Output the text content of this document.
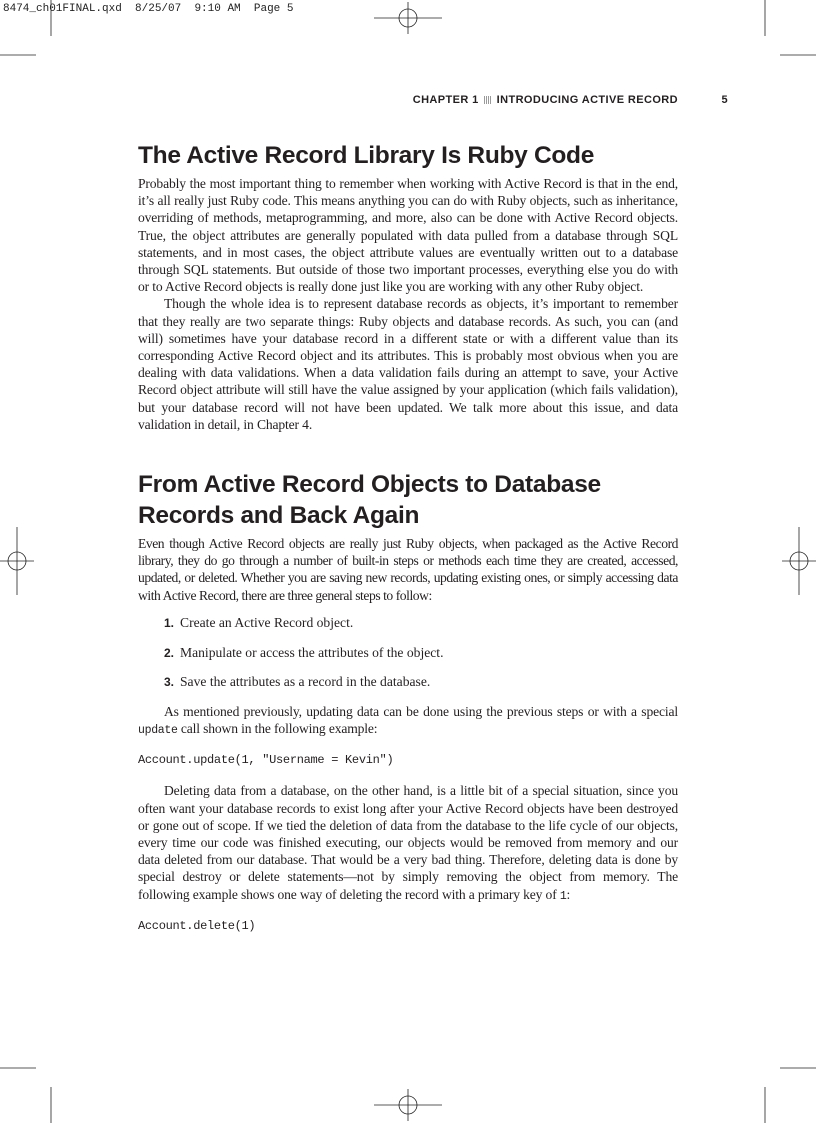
8474_ch01FINAL.qxd 8/25/07 9:10 AM Page 5
CHAPTER 1 INTRODUCING ACTIVE RECORD	5
The Active Record Library Is Ruby Code

Probably the most important thing to remember when working with Active Record is that in the end, it’s all really just Ruby code. This means anything you can do with Ruby objects, such as inheritance, overriding of methods, metaprogramming, and more, also can be done with Active Record objects. True, the object attributes are generally populated with data pulled from a database through SQL statements, and in most cases, the object attribute values are eventually written out to a database through SQL statements. But outside of those two important processes, everything else you do with or to Active Record objects is really done just like you are working with any other Ruby object.

Though the whole idea is to represent database records as objects, it’s important to remember that they really are two separate things: Ruby objects and database records. As such, you can (and will) sometimes have your database record in a different state or with a different value than its corresponding Active Record object and its attributes. This is probably most obvious when you are dealing with data validations. When a data validation fails during an attempt to save, your Active Record object attribute will still have the value assigned by your application (which fails validation), but your database record will not have been updated. We talk more about this issue, and data validation in detail, in Chapter 4.

From Active Record Objects to Database Records and Back Again

Even though Active Record objects are really just Ruby objects, when packaged as the Active Record library, they do go through a number of built-in steps or methods each time they are created, accessed, updated, or deleted. Whether you are saving new records, updating existing ones, or simply accessing data with Active Record, there are three general steps to follow:

1. Create an Active Record object.
2. Manipulate or access the attributes of the object.
3. Save the attributes as a record in the database.

As mentioned previously, updating data can be done using the previous steps or with a special update call shown in the following example:

Account.update(1, "Username = Kevin")

Deleting data from a database, on the other hand, is a little bit of a special situation, since you often want your database records to exist long after your Active Record objects have been destroyed or gone out of scope. If we tied the deletion of data from the database to the life cycle of our objects, every time our code was finished executing, our objects would be removed from memory and our data deleted from our database. That would be a very bad thing. Therefore, deleting data is done by special destroy or delete statements—not by simply removing the object from memory. The following example shows one way of deleting the record with a primary key of 1:

Account.delete(1)
